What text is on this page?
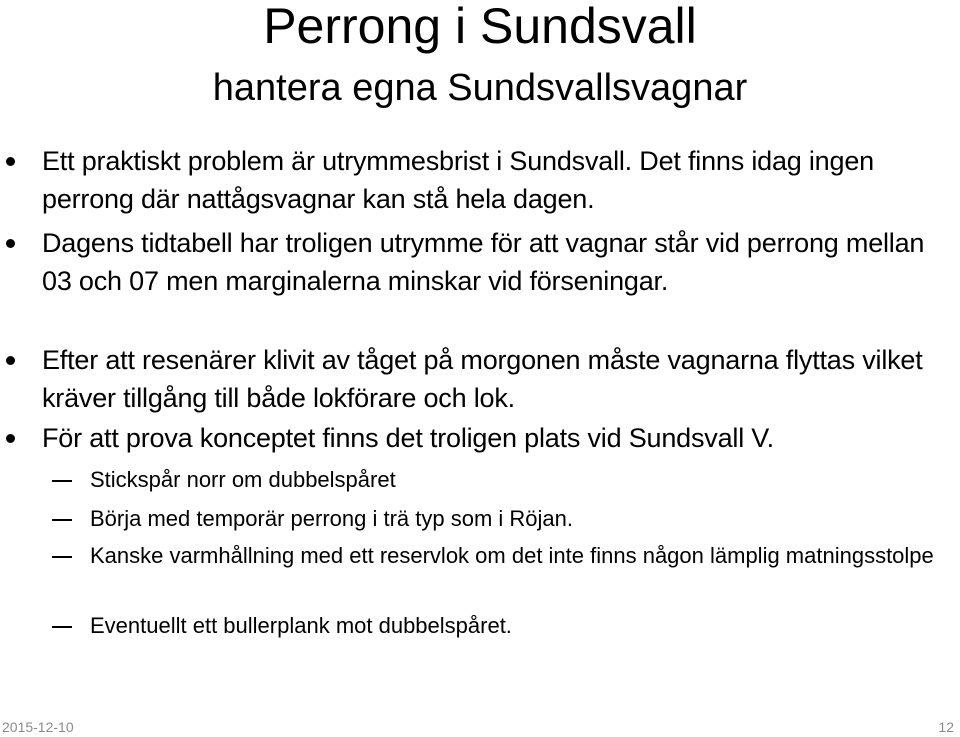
Perrong i Sundsvall
hantera egna Sundsvallsvagnar
Ett praktiskt problem är utrymmesbrist i Sundsvall. Det finns idag ingen perrong där nattågsvagnar kan stå hela dagen.
Dagens tidtabell har troligen utrymme för att vagnar står vid perrong mellan 03 och 07 men marginalerna minskar vid förseningar.
Efter att resenärer klivit av tåget på morgonen måste vagnarna flyttas vilket kräver tillgång till både lokförare och lok.
För att prova konceptet finns det troligen plats vid Sundsvall V.
Stickspår norr om dubbelspåret
Börja med temporär perrong i trä typ som i Röjan.
Kanske varmhållning med ett reservlok om det inte finns någon lämplig matningsstolpe
Eventuellt ett bullerplank mot dubbelspåret.
2015-12-10	12
